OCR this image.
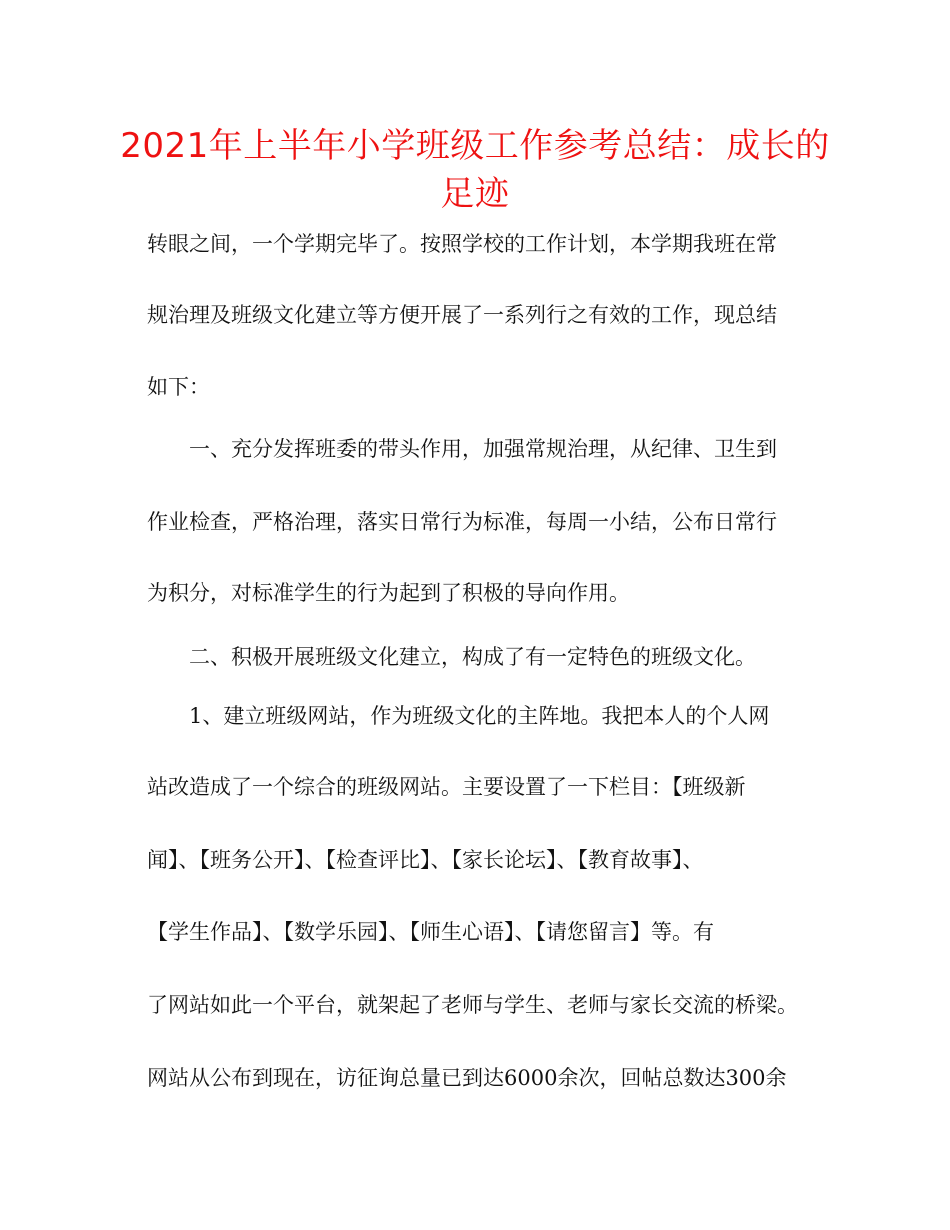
2021年上半年小学班级工作参考总结：成长的足迹
转眼之间，一个学期完毕了。按照学校的工作计划，本学期我班在常
规治理及班级文化建立等方便开展了一系列行之有效的工作，现总结
如下：
一、充分发挥班委的带头作用，加强常规治理，从纪律、卫生到
作业检查，严格治理，落实日常行为标准，每周一小结，公布日常行
为积分，对标准学生的行为起到了积极的导向作用。
二、积极开展班级文化建立，构成了有一定特色的班级文化。
1、建立班级网站，作为班级文化的主阵地。我把本人的个人网
站改造成了一个综合的班级网站。主要设置了一下栏目：【班级新
闻】、【班务公开】、【检查评比】、【家长论坛】、【教育故事】、
【学生作品】、【数学乐园】、【师生心语】、【请您留言】等。有
了网站如此一个平台，就架起了老师与学生、老师与家长交流的桥梁。
网站从公布到现在，访征询总量已到达6000余次，回帖总数达300余
